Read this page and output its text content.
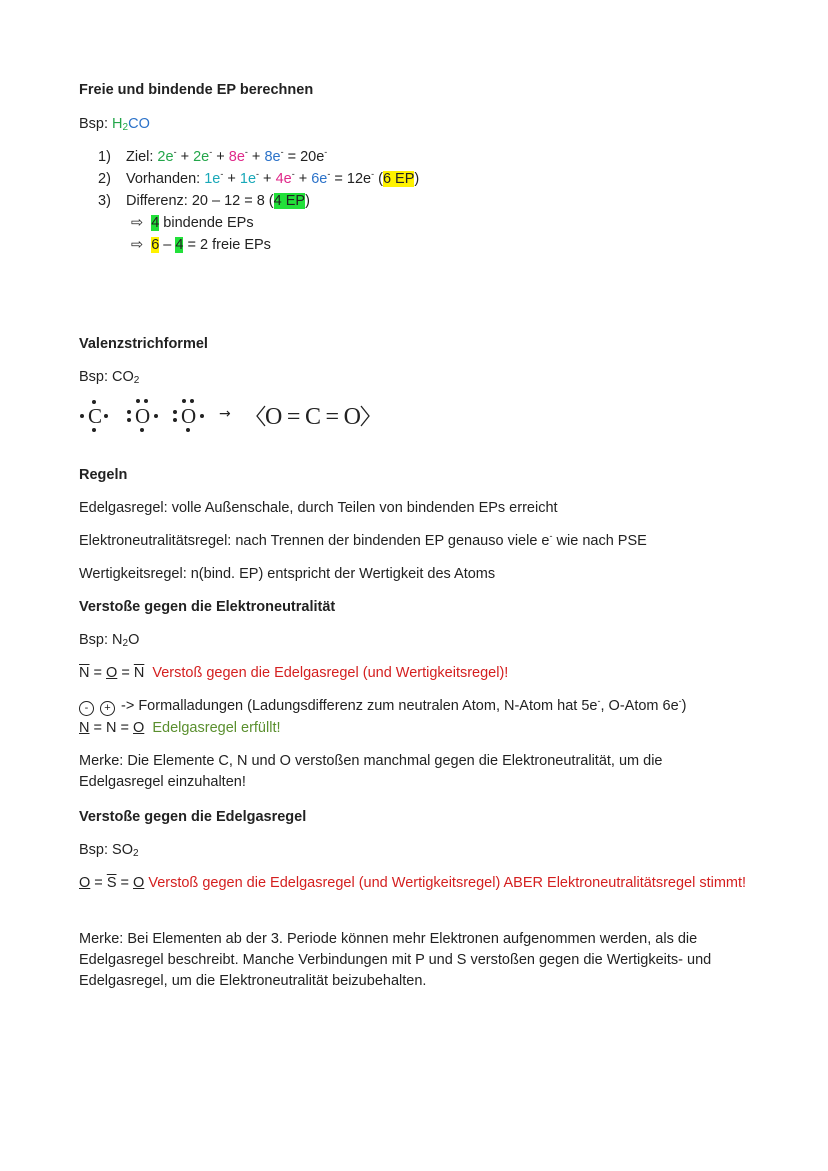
Freie und bindende EP berechnen
Bsp: $H_2CO$
1) Ziel: 2e- + 2e- + 8e- + 8e- = 20e-
2) Vorhanden: 1e- + 1e- + 4e- + 6e- = 12e- (6 EP)
3) Differenz: 20 – 12 = 8 (4 EP)
⇨ 4 bindende EPs
⇨ 6 – 4 = 2 freie EPs
Valenzstrichformel
Bsp: $CO_2$
C O O → O=C=O
Regeln
Edelgasregel: volle Außenschale, durch Teilen von bindenden EPs erreicht
Elektroneutralitätsregel: nach Trennen der bindenden EP genauso viele e- wie nach PSE
Wertigkeitsregel: n(bind. EP) entspricht der Wertigkeit des Atoms
Verstoße gegen die Elektroneutralität
Bsp: $N_2O$
$\overline{N} = O = \overline{N}$ Verstoß gegen die Edelgasregel (und Wertigkeitsregel)!
- + -> Formalladungen (Ladungsdifferenz zum neutralen Atom, N-Atom hat 5e-, O-Atom 6e-)
N = N = O Edelgasregel erfüllt!
Merke: Die Elemente C, N und O verstoßen manchmal gegen die Elektroneutralität, um die Edelgasregel einzuhalten!
Verstoße gegen die Edelgasregel
Bsp: $SO_2$
$O = \overline{S} = O$ Verstoß gegen die Edelgasregel (und Wertigkeitsregel) ABER Elektroneutralitätsregel stimmt!
Merke: Bei Elementen ab der 3. Periode können mehr Elektronen aufgenommen werden, als die Edelgasregel beschreibt. Manche Verbindungen mit P und S verstoßen gegen die Wertigkeits- und Edelgasregel, um die Elektroneutralität beizubehalten.
